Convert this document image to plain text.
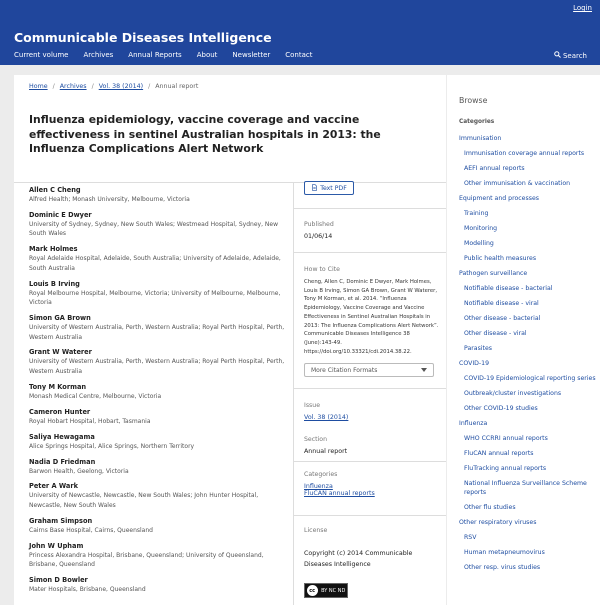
Login
Communicable Diseases Intelligence
Current volume Archives Annual Reports About Newsletter Contact	Search
Home / Archives / Vol. 38 (2014) / Annual report
Influenza epidemiology, vaccine coverage and vaccine effectiveness in sentinel Australian hospitals in 2013: the Influenza Complications Alert Network
Allen C Cheng
Alfred Health; Monash University, Melbourne, Victoria
Dominic E Dwyer
University of Sydney, Sydney, New South Wales; Westmead Hospital, Sydney, New South Wales
Mark Holmes
Royal Adelaide Hospital, Adelaide, South Australia; University of Adelaide, Adelaide, South Australia
Louis B Irving
Royal Melbourne Hospital, Melbourne, Victoria; University of Melbourne, Melbourne, Victoria
Simon GA Brown
University of Western Australia, Perth, Western Australia; Royal Perth Hospital, Perth, Western Australia
Grant W Waterer
University of Western Australia, Perth, Western Australia; Royal Perth Hospital, Perth, Western Australia
Tony M Korman
Monash Medical Centre, Melbourne, Victoria
Cameron Hunter
Royal Hobart Hospital, Hobart, Tasmania
Saliya Hewagama
Alice Springs Hospital, Alice Springs, Northern Territory
Nadia D Friedman
Barwon Health, Geelong, Victoria
Peter A Wark
University of Newcastle, Newcastle, New South Wales; John Hunter Hospital, Newcastle, New South Wales
Graham Simpson
Cairns Base Hospital, Cairns, Queensland
John W Upham
Princess Alexandra Hospital, Brisbane, Queensland; University of Queensland, Brisbane, Queensland
Simon D Bowler
Mater Hospitals, Brisbane, Queensland
Text PDF
Published
01/06/14
How to Cite
Cheng, Allen C, Dominic E Dwyer, Mark Holmes, Louis B Irving, Simon GA Brown, Grant W Waterer, Tony M Korman, et al. 2014. “Influenza Epidemiology, Vaccine Coverage and Vaccine Effectiveness in Sentinel Australian Hospitals in 2013: The Influenza Complications Alert Network”. Communicable Diseases Intelligence 38 (June):143-49. https://doi.org/10.33321/cdi.2014.38.22.
More Citation Formats
Issue
Vol. 38 (2014)
Section
Annual report
Categories
Influenza
FluCAN annual reports
License
Copyright (c) 2014 Communicable Diseases Intelligence
cc	BY NC ND
Browse
Categories
Immunisation
Immunisation coverage annual reports
AEFI annual reports
Other immunisation & vaccination
Equipment and processes
Training
Monitoring
Modelling
Public health measures
Pathogen surveillance
Notifiable disease - bacterial
Notifiable disease - viral
Other disease - bacterial
Other disease - viral
Parasites
COVID-19
COVID-19 Epidemiological reporting series
Outbreak/cluster investigations
Other COVID-19 studies
Influenza
WHO CCRRI annual reports
FluCAN annual reports
FluTracking annual reports
National Influenza Surveillance Scheme reports
Other flu studies
Other respiratory viruses
RSV
Human metapneumovirus
Other resp. virus studies
